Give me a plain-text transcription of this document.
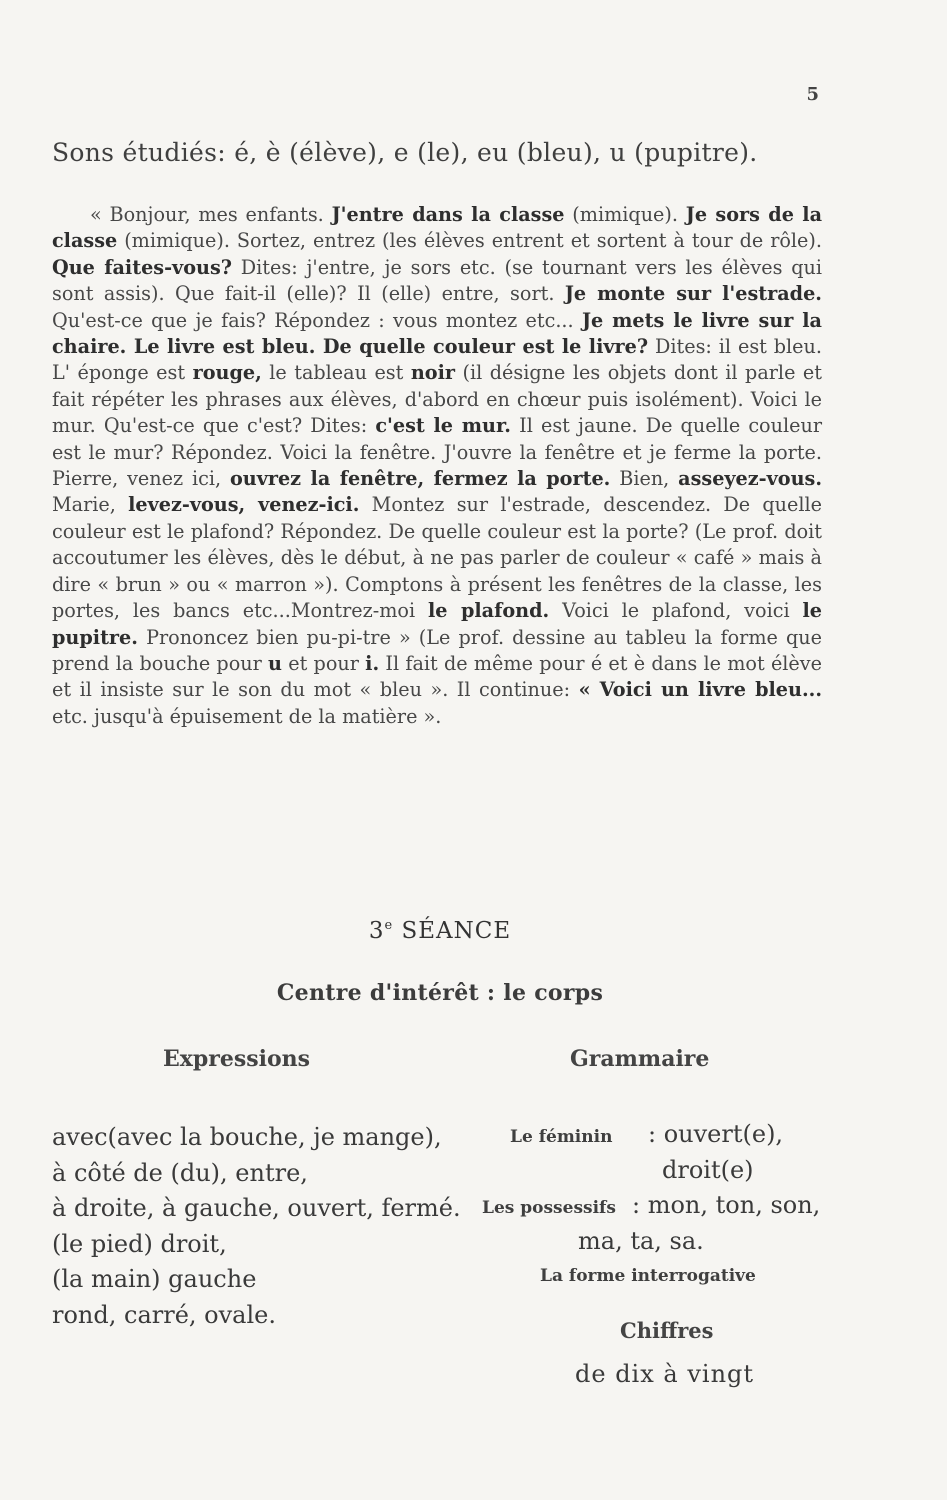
5
Sons étudiés: é, è (élève), e (le), eu (bleu), u (pupitre).

« Bonjour, mes enfants. J'entre dans la classe (mimique). Je sors de la classe (mimique). Sortez, entrez (les élèves entrent et sortent à tour de rôle). Que faites-vous? Dites: j'entre, je sors etc. (se tournant vers les élèves qui sont assis). Que fait-il (elle)? Il (elle) entre, sort. Je monte sur l'estrade. Qu'est-ce que je fais? Répondez : vous montez etc... Je mets le livre sur la chaire. Le livre est bleu. De quelle couleur est le livre? Dites: il est bleu. L' éponge est rouge, le tableau est noir (il désigne les objets dont il parle et fait répéter les phrases aux élèves, d'abord en chœur puis isolément). Voici le mur. Qu'est-ce que c'est? Dites: c'est le mur. Il est jaune. De quelle couleur est le mur? Répondez. Voici la fenêtre. J'ouvre la fenêtre et je ferme la porte. Pierre, venez ici, ouvrez la fenêtre, fermez la porte. Bien, asseyez-vous. Marie, levez-vous, venez-ici. Montez sur l'estrade, descendez. De quelle couleur est le plafond? Répondez. De quelle couleur est la porte? (Le prof. doit accoutumer les élèves, dès le début, à ne pas parler de couleur « café » mais à dire « brun » ou « marron »). Comptons à présent les fenêtres de la classe, les portes, les bancs etc...Montrez-moi le plafond. Voici le plafond, voici le pupitre. Prononcez bien pu-pi-tre » (Le prof. dessine au tableu la forme que prend la bouche pour u et pour i. Il fait de même pour é et è dans le mot élève et il insiste sur le son du mot « bleu ». Il continue: « Voici un livre bleu... etc. jusqu'à épuisement de la matière ».

3e SÉANCE
Centre d'intérêt : le corps
Expressions	Grammaire
avec(avec la bouche, je mange),
à côté de (du), entre,
à droite, à gauche, ouvert, fermé.
(le pied) droit,
(la main) gauche
rond, carré, ovale.
Le féminin : ouvert(e),
droit(e)
Les possessifs : mon, ton, son,
ma, ta, sa.
La forme interrogative
Chiffres
de dix à vingt
